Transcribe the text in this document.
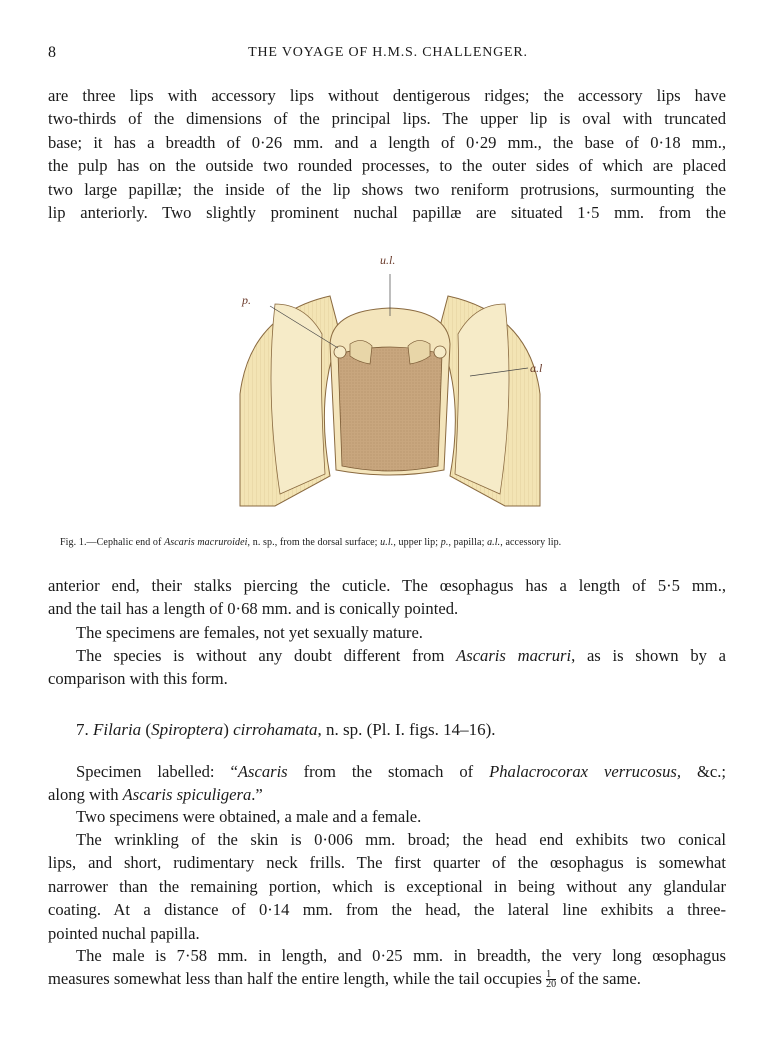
8	THE VOYAGE OF H.M.S. CHALLENGER.
are three lips with accessory lips without dentigerous ridges; the accessory lips have
two-thirds of the dimensions of the principal lips. The upper lip is oval with truncated
base; it has a breadth of 0·26 mm. and a length of 0·29 mm., the base of 0·18 mm.,
the pulp has on the outside two rounded processes, to the outer sides of which are placed
two large papillæ; the inside of the lip shows two reniform protrusions, surmounting the
lip anteriorly. Two slightly prominent nuchal papillæ are situated 1·5 mm. from the
u.l.
p.
a.l
Fig. 1.—Cephalic end of Ascaris macruroidei, n. sp., from the dorsal surface; u.l., upper lip; p., papilla; a.l., accessory lip.
anterior end, their stalks piercing the cuticle. The œsophagus has a length of 5·5 mm.,
and the tail has a length of 0·68 mm. and is conically pointed.
The specimens are females, not yet sexually mature.
The species is without any doubt different from Ascaris macruri, as is shown by a
comparison with this form.
7. Filaria (Spiroptera) cirrohamata, n. sp. (Pl. I. figs. 14–16).
Specimen labelled: “Ascaris from the stomach of Phalacrocorax verrucosus, &c.;
along with Ascaris spiculigera.”
Two specimens were obtained, a male and a female.
The wrinkling of the skin is 0·006 mm. broad; the head end exhibits two conical
lips, and short, rudimentary neck frills. The first quarter of the œsophagus is somewhat
narrower than the remaining portion, which is exceptional in being without any glandular
coating. At a distance of 0·14 mm. from the head, the lateral line exhibits a three-
pointed nuchal papilla.
The male is 7·58 mm. in length, and 0·25 mm. in breadth, the very long œsophagus
measures somewhat less than half the entire length, while the tail occupies $\frac{1}{20}$ of the same.
